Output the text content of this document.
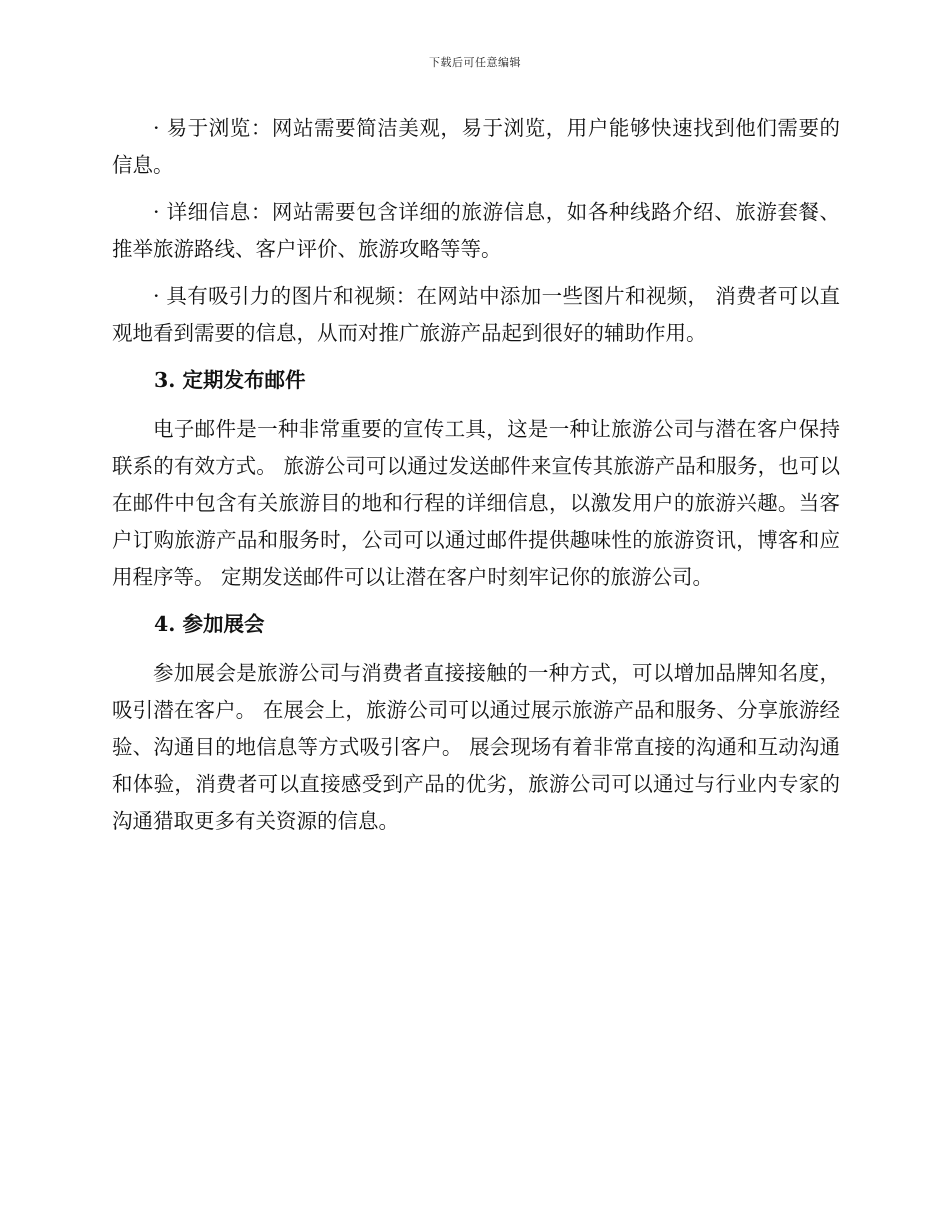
下载后可任意编辑

· 易于浏览：网站需要简洁美观，易于浏览，用户能够快速找到他们需要的信息。

· 详细信息：网站需要包含详细的旅游信息，如各种线路介绍、旅游套餐、推举旅游路线、客户评价、旅游攻略等等。

· 具有吸引力的图片和视频：在网站中添加一些图片和视频， 消费者可以直观地看到需要的信息，从而对推广旅游产品起到很好的辅助作用。

3. 定期发布邮件

电子邮件是一种非常重要的宣传工具，这是一种让旅游公司与潜在客户保持联系的有效方式。 旅游公司可以通过发送邮件来宣传其旅游产品和服务，也可以在邮件中包含有关旅游目的地和行程的详细信息，以激发用户的旅游兴趣。当客户订购旅游产品和服务时，公司可以通过邮件提供趣味性的旅游资讯，博客和应用程序等。 定期发送邮件可以让潜在客户时刻牢记你的旅游公司。

4. 参加展会

参加展会是旅游公司与消费者直接接触的一种方式，可以增加品牌知名度，吸引潜在客户。 在展会上，旅游公司可以通过展示旅游产品和服务、分享旅游经验、沟通目的地信息等方式吸引客户。 展会现场有着非常直接的沟通和互动沟通和体验，消费者可以直接感受到产品的优劣，旅游公司可以通过与行业内专家的沟通猎取更多有关资源的信息。
